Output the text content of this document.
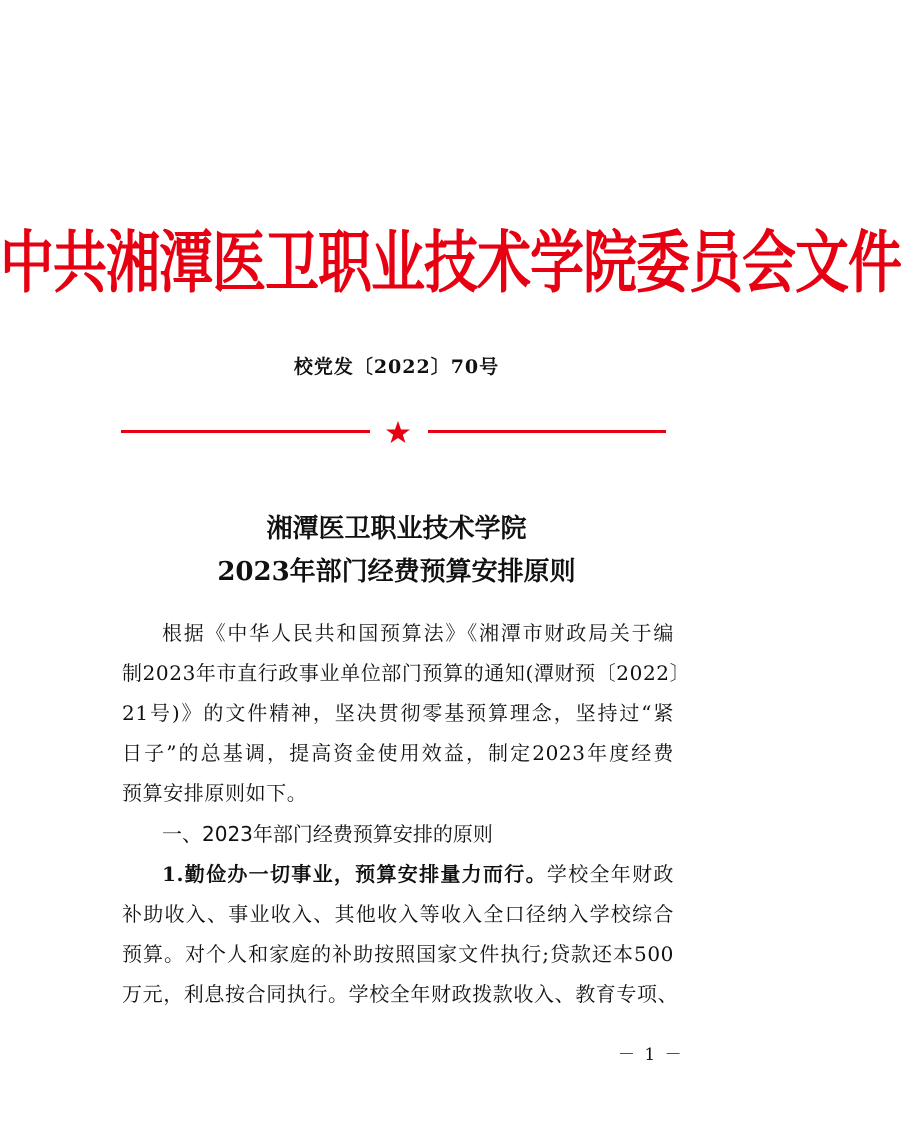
中共湘潭医卫职业技术学院委员会文件
校党发〔2022〕70号
湘潭医卫职业技术学院
2023年部门经费预算安排原则
根据《中华人民共和国预算法》《湘潭市财政局关于编
制2023年市直行政事业单位部门预算的通知(潭财预〔2022〕
21号)》的文件精神，坚决贯彻零基预算理念，坚持过“紧
日子”的总基调，提高资金使用效益，制定2023年度经费
预算安排原则如下。
一、2023年部门经费预算安排的原则
1.勤俭办一切事业，预算安排量力而行。学校全年财政
补助收入、事业收入、其他收入等收入全口径纳入学校综合
预算。对个人和家庭的补助按照国家文件执行;贷款还本500
万元，利息按合同执行。学校全年财政拨款收入、教育专项、
－ 1 －
